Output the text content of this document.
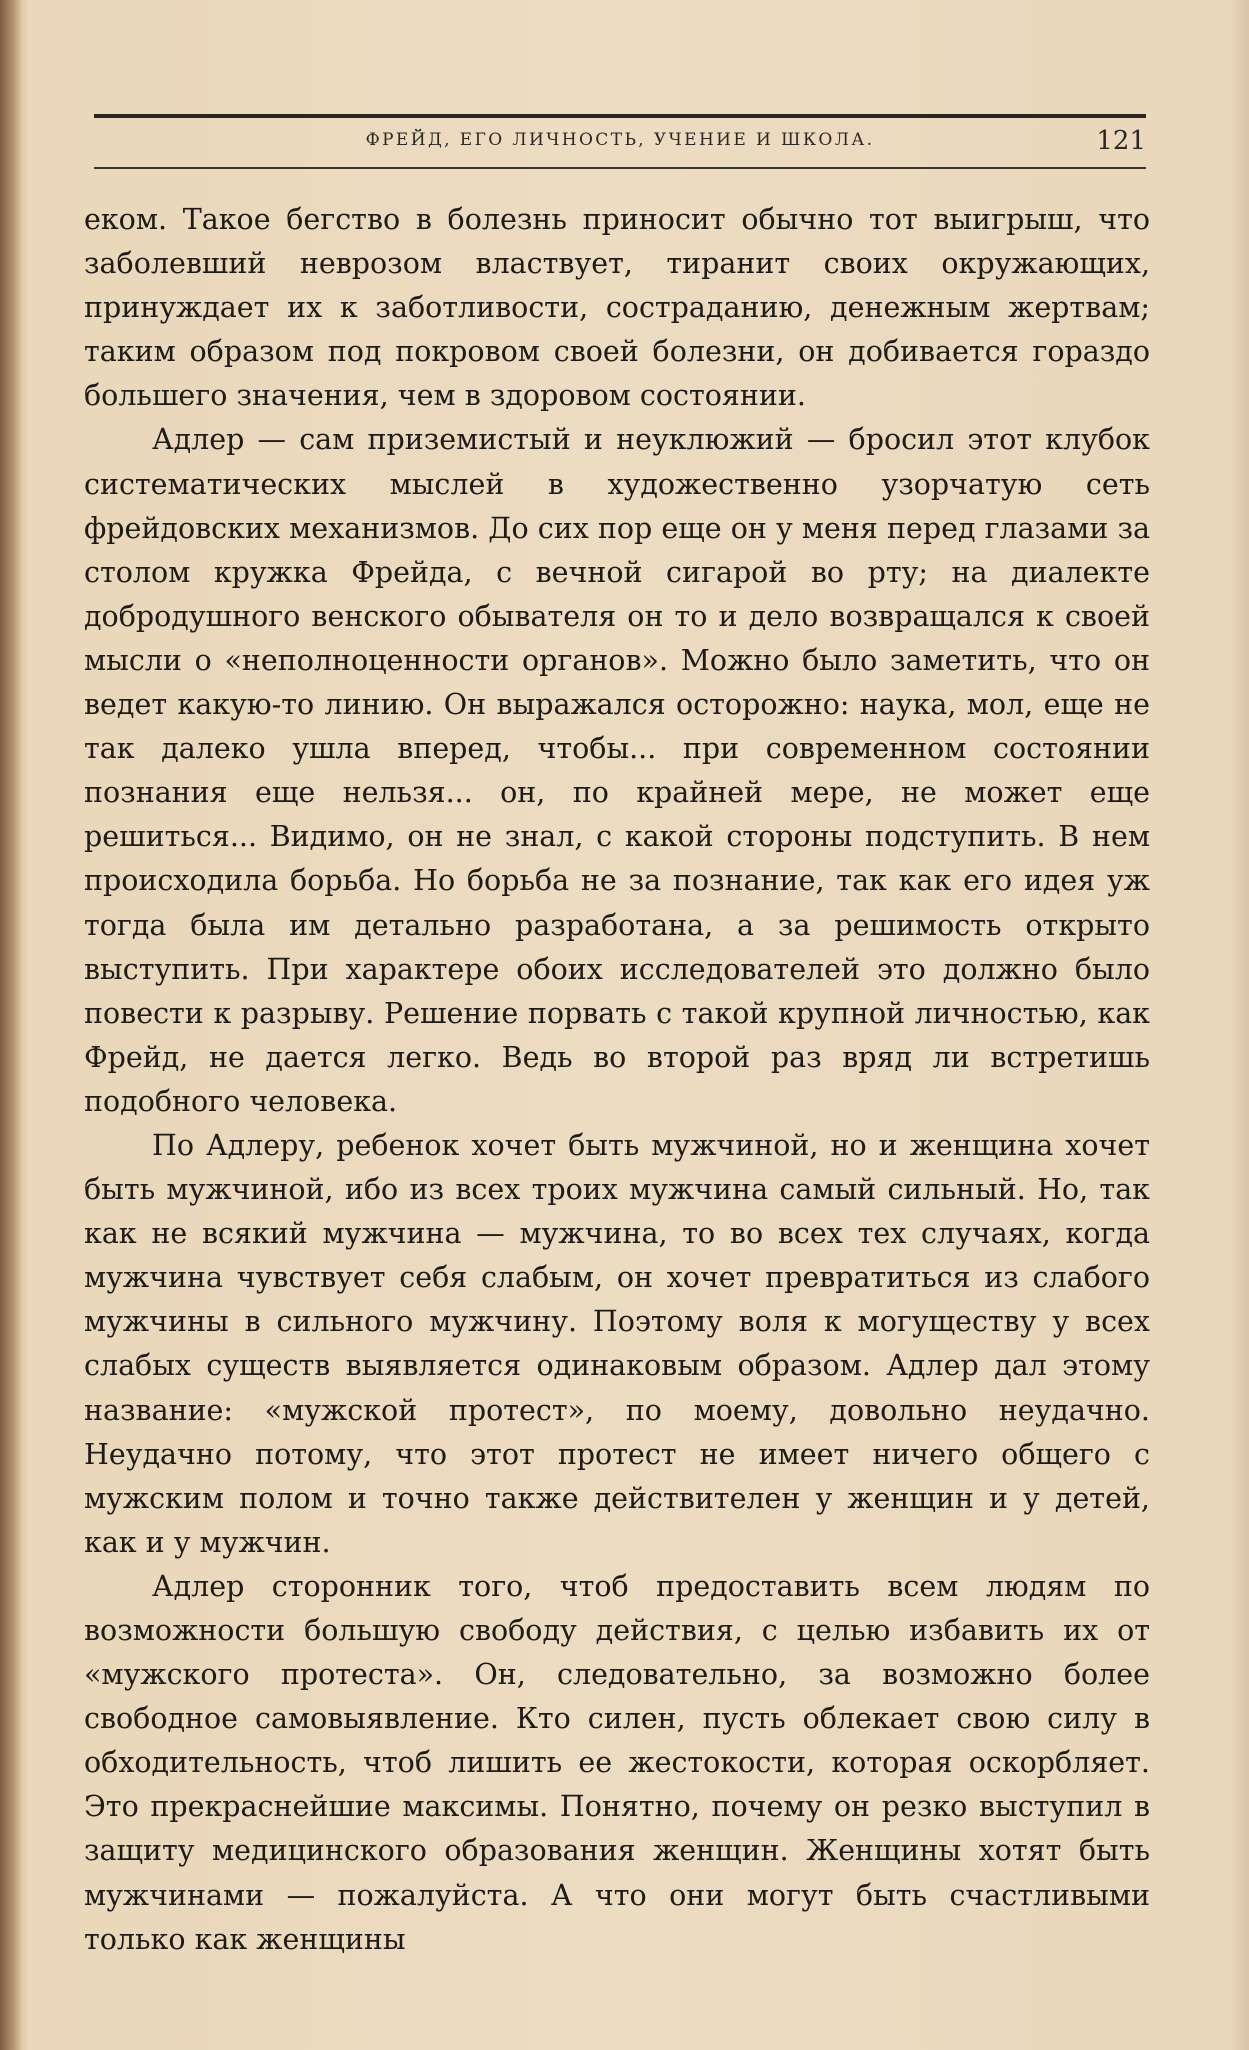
ФРЕЙД, ЕГО ЛИЧНОСТЬ, УЧЕНИЕ И ШКОЛА.	121

еком. Такое бегство в болезнь приносит обычно тот выигрыш, что заболевший неврозом властвует, тиранит своих окружающих, принуждает их к заботливости, состраданию, денежным жертвам; таким образом под покровом своей болезни, он добивается гораздо большего значения, чем в здоровом состоянии.

Адлер — сам приземистый и неуклюжий — бросил этот клубок систематических мыслей в художественно узорчатую сеть фрейдовских механизмов. До сих пор еще он у меня перед глазами за столом кружка Фрейда, с вечной сигарой во рту; на диалекте добродушного венского обывателя он то и дело возвращался к своей мысли о «неполноценности органов». Можно было заметить, что он ведет какую-то линию. Он выражался осторожно: наука, мол, еще не так далеко ушла вперед, чтобы... при современном состоянии познания еще нельзя... он, по крайней мере, не может еще решиться... Видимо, он не знал, с какой стороны подступить. В нем происходила борьба. Но борьба не за познание, так как его идея уж тогда была им детально разработана, а за решимость открыто выступить. При характере обоих исследователей это должно было повести к разрыву. Решение порвать с такой крупной личностью, как Фрейд, не дается легко. Ведь во второй раз вряд ли встретишь подобного человека.

По Адлеру, ребенок хочет быть мужчиной, но и женщина хочет быть мужчиной, ибо из всех троих мужчина самый сильный. Но, так как не всякий мужчина — мужчина, то во всех тех случаях, когда мужчина чувствует себя слабым, он хочет превратиться из слабого мужчины в сильного мужчину. Поэтому воля к могуществу у всех слабых существ выявляется одинаковым образом. Адлер дал этому название: «мужской протест», по моему, довольно неудачно. Неудачно потому, что этот протест не имеет ничего общего с мужским полом и точно также действителен у женщин и у детей, как и у мужчин.

Адлер сторонник того, чтоб предоставить всем людям по возможности большую свободу действия, с целью избавить их от «мужского протеста». Он, следовательно, за возможно более свободное самовыявление. Кто силен, пусть облекает свою силу в обходительность, чтоб лишить ее жестокости, которая оскорбляет. Это прекраснейшие максимы. Понятно, почему он резко выступил в защиту медицинского образования женщин. Женщины хотят быть мужчинами — пожалуйста. А что они могут быть счастливыми только как женщины
